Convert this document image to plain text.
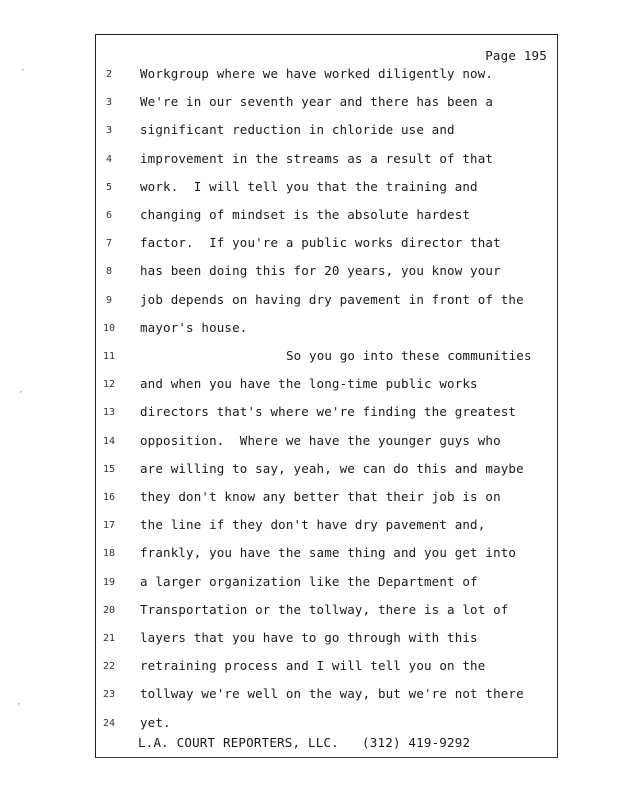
Page 195
2	Workgroup where we have worked diligently now.
3	We're in our seventh year and there has been a
3	significant reduction in chloride use and
4	improvement in the streams as a result of that
5	work.  I will tell you that the training and
6	changing of mindset is the absolute hardest
7	factor.  If you're a public works director that
8	has been doing this for 20 years, you know your
9	job depends on having dry pavement in front of the
10	mayor's house.
11	So you go into these communities
12	and when you have the long-time public works
13	directors that's where we're finding the greatest
14	opposition.  Where we have the younger guys who
15	are willing to say, yeah, we can do this and maybe
16	they don't know any better that their job is on
17	the line if they don't have dry pavement and,
18	frankly, you have the same thing and you get into
19	a larger organization like the Department of
20	Transportation or the tollway, there is a lot of
21	layers that you have to go through with this
22	retraining process and I will tell you on the
23	tollway we're well on the way, but we're not there
24	yet.
L.A. COURT REPORTERS, LLC.   (312) 419-9292
·
·
·
